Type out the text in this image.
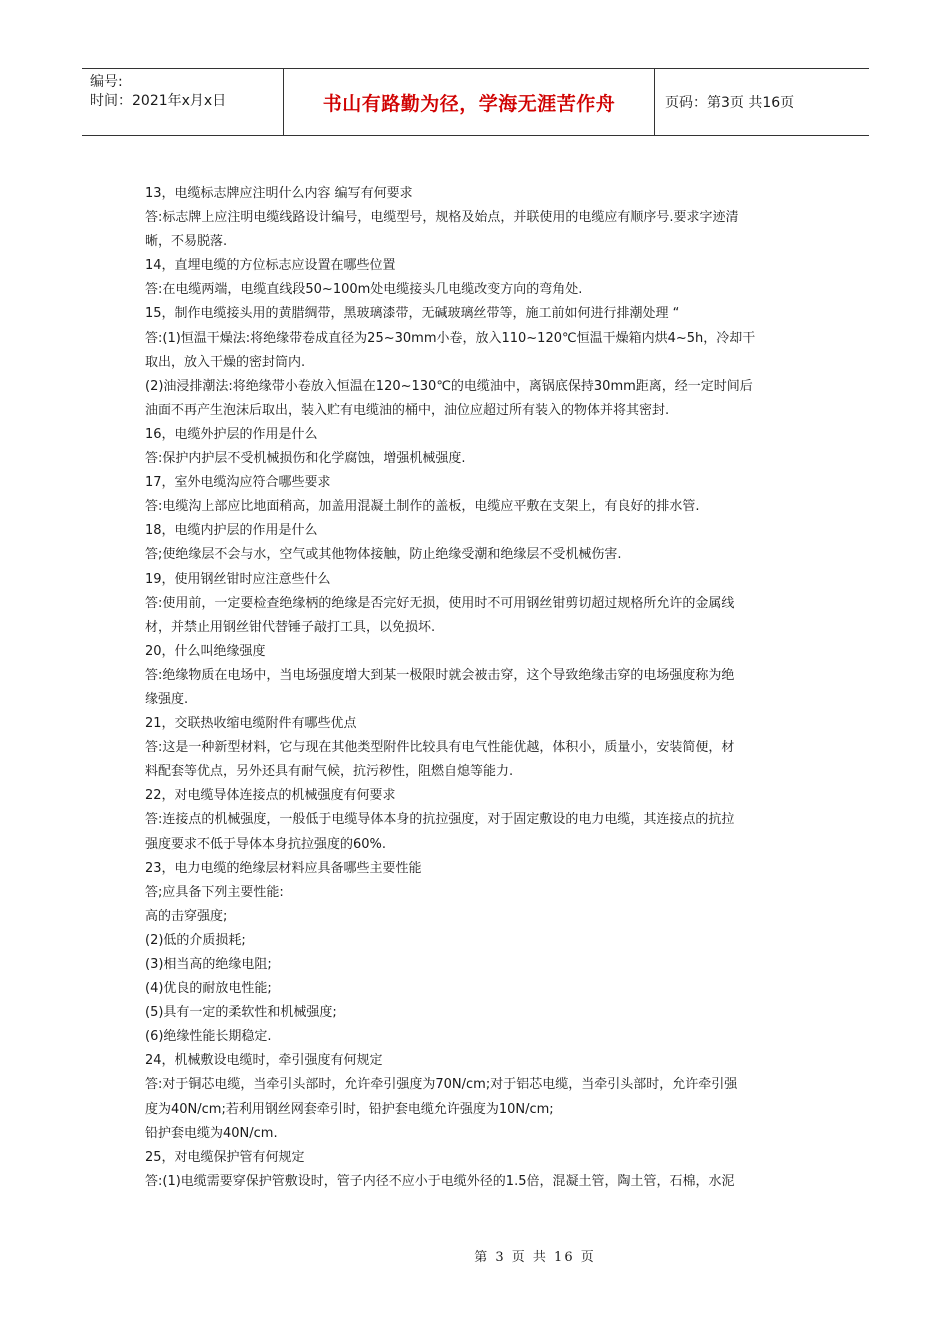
编号:
时间：2021年x月x日	书山有路勤为径，学海无涯苦作舟	页码：第3页 共16页
13，电缆标志牌应注明什么内容 编写有何要求
答:标志牌上应注明电缆线路设计编号，电缆型号，规格及始点，并联使用的电缆应有顺序号.要求字迹清
晰，不易脱落.
14，直埋电缆的方位标志应设置在哪些位置
答:在电缆两端，电缆直线段50~100m处电缆接头几电缆改变方向的弯角处.
15，制作电缆接头用的黄腊绸带，黑玻璃漆带，无碱玻璃丝带等，施工前如何进行排潮处理 “
答:(1)恒温干燥法:将绝缘带卷成直径为25~30mm小卷，放入110~120℃恒温干燥箱内烘4~5h，冷却干
取出，放入干燥的密封筒内.
(2)油浸排潮法:将绝缘带小卷放入恒温在120~130℃的电缆油中，离锅底保持30mm距离，经一定时间后
油面不再产生泡沫后取出，装入贮有电缆油的桶中，油位应超过所有装入的物体并将其密封.
16，电缆外护层的作用是什么
答:保护内护层不受机械损伤和化学腐蚀，增强机械强度.
17，室外电缆沟应符合哪些要求
答:电缆沟上部应比地面稍高，加盖用混凝土制作的盖板，电缆应平敷在支架上，有良好的排水管.
18，电缆内护层的作用是什么
答;使绝缘层不会与水，空气或其他物体接触，防止绝缘受潮和绝缘层不受机械伤害.
19，使用钢丝钳时应注意些什么
答:使用前，一定要检查绝缘柄的绝缘是否完好无损，使用时不可用钢丝钳剪切超过规格所允许的金属线
材，并禁止用钢丝钳代替锤子敲打工具，以免损坏.
20，什么叫绝缘强度
答:绝缘物质在电场中，当电场强度增大到某一极限时就会被击穿，这个导致绝缘击穿的电场强度称为绝
缘强度.
21，交联热收缩电缆附件有哪些优点
答:这是一种新型材料，它与现在其他类型附件比较具有电气性能优越，体积小，质量小，安装简便，材
料配套等优点，另外还具有耐气候，抗污秽性，阻燃自熄等能力.
22，对电缆导体连接点的机械强度有何要求
答:连接点的机械强度，一般低于电缆导体本身的抗拉强度，对于固定敷设的电力电缆，其连接点的抗拉
强度要求不低于导体本身抗拉强度的60%.
23，电力电缆的绝缘层材料应具备哪些主要性能
答;应具备下列主要性能:
高的击穿强度;
(2)低的介质损耗;
(3)相当高的绝缘电阻;
(4)优良的耐放电性能;
(5)具有一定的柔软性和机械强度;
(6)绝缘性能长期稳定.
24，机械敷设电缆时，牵引强度有何规定
答:对于铜芯电缆，当牵引头部时，允许牵引强度为70N/cm;对于铝芯电缆，当牵引头部时，允许牵引强
度为40N/cm;若利用钢丝网套牵引时，铅护套电缆允许强度为10N/cm;
铅护套电缆为40N/cm.
25，对电缆保护管有何规定
答:(1)电缆需要穿保护管敷设时，管子内径不应小于电缆外径的1.5倍，混凝土管，陶土管，石棉，水泥
第 3 页 共 16 页
